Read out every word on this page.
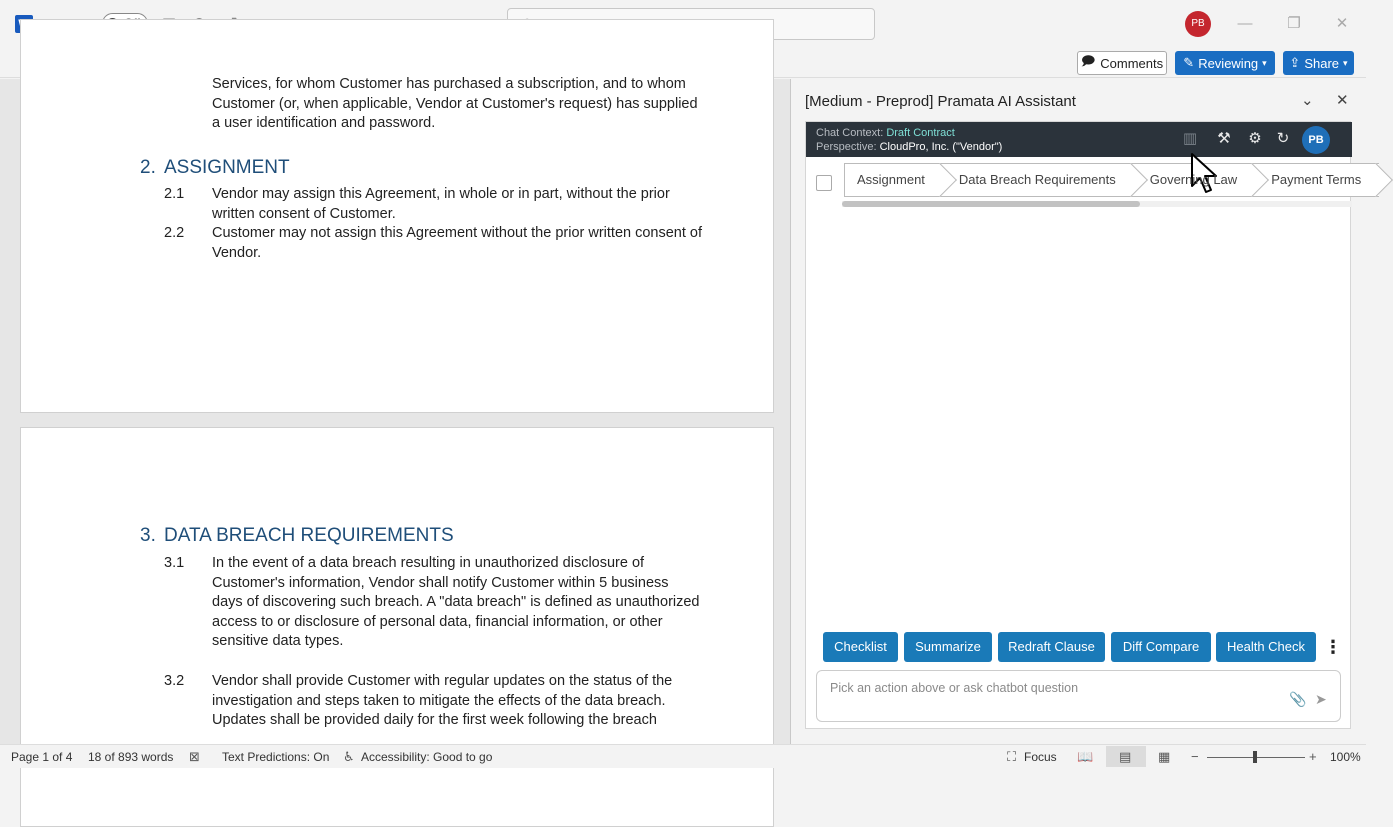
PB	—	❐	✕
🗩 Comments ✎ Reviewing ▾ ⇪ Share ▾
Services, for whom Customer has purchased a subscription, and to whom
Customer (or, when applicable, Vendor at Customer's request) has supplied
a user identification and password.
2. ASSIGNMENT
2.1 Vendor may assign this Agreement, in whole or in part, without the prior
written consent of Customer.
2.2 Customer may not assign this Agreement without the prior written consent of
Vendor.
3. DATA BREACH REQUIREMENTS
3.1 In the event of a data breach resulting in unauthorized disclosure of
Customer's information, Vendor shall notify Customer within 5 business
days of discovering such breach. A "data breach" is defined as unauthorized
access to or disclosure of personal data, financial information, or other
sensitive data types.
3.2 Vendor shall provide Customer with regular updates on the status of the
investigation and steps taken to mitigate the effects of the data breach.
Updates shall be provided daily for the first week following the breach
[Medium - Preprod] Pramata AI Assistant	⌄ ✕
Chat Context: Draft Contract
Perspective: CloudPro, Inc. ("Vendor")	▥ ⚒ ⚙ ↻	PB
Assignment	Data Breach Requirements	Governing Law	Payment Terms
Checklist	Summarize	Redraft Clause	Diff Compare	Health Check	⋮
Pick an action above or ask chatbot question
📎 ➤
Page 1 of 4 18 of 893 words ⊠ Text Predictions: On ♿ Accessibility: Good to go	⛶ Focus 📖 ▤ ▦ −	+ 100%
